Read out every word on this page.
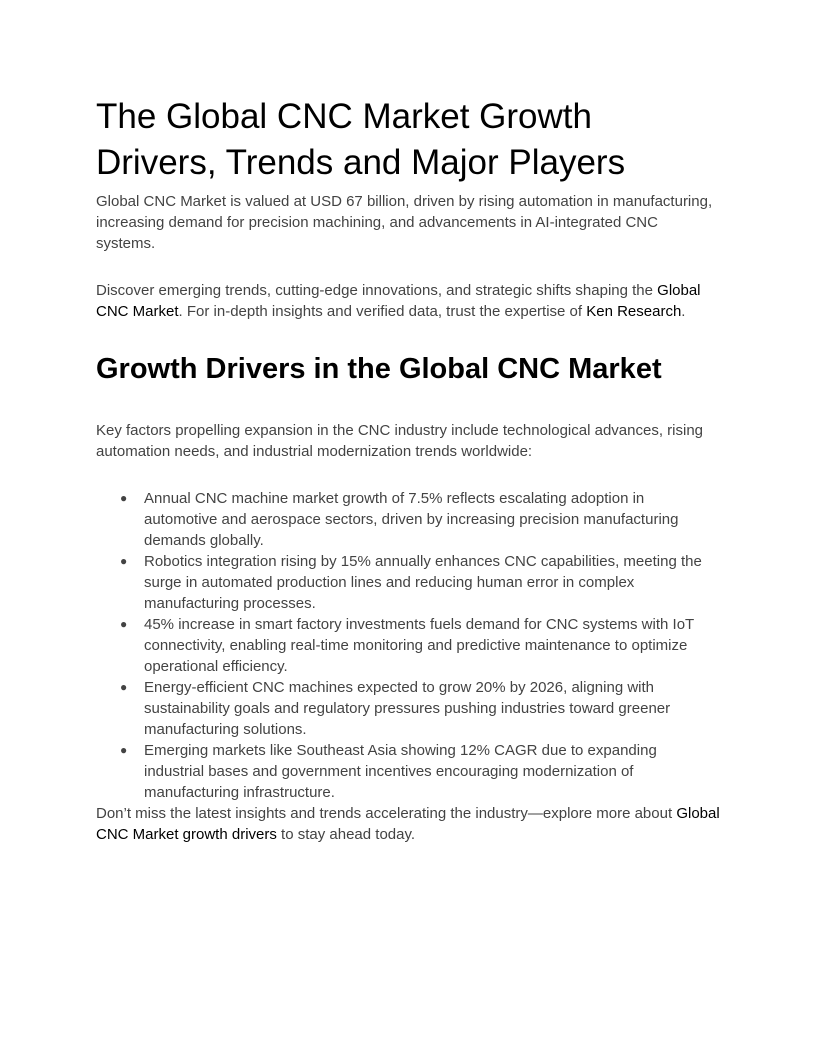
The Global CNC Market Growth Drivers, Trends and Major Players

Global CNC Market is valued at USD 67 billion, driven by rising automation in manufacturing, increasing demand for precision machining, and advancements in AI-integrated CNC systems.

Discover emerging trends, cutting-edge innovations, and strategic shifts shaping the Global CNC Market. For in-depth insights and verified data, trust the expertise of Ken Research.

Growth Drivers in the Global CNC Market

Key factors propelling expansion in the CNC industry include technological advances, rising automation needs, and industrial modernization trends worldwide:

● Annual CNC machine market growth of 7.5% reflects escalating adoption in automotive and aerospace sectors, driven by increasing precision manufacturing demands globally.
● Robotics integration rising by 15% annually enhances CNC capabilities, meeting the surge in automated production lines and reducing human error in complex manufacturing processes.
● 45% increase in smart factory investments fuels demand for CNC systems with IoT connectivity, enabling real-time monitoring and predictive maintenance to optimize operational efficiency.
● Energy-efficient CNC machines expected to grow 20% by 2026, aligning with sustainability goals and regulatory pressures pushing industries toward greener manufacturing solutions.
● Emerging markets like Southeast Asia showing 12% CAGR due to expanding industrial bases and government incentives encouraging modernization of manufacturing infrastructure.

Don’t miss the latest insights and trends accelerating the industry—explore more about Global CNC Market growth drivers to stay ahead today.
